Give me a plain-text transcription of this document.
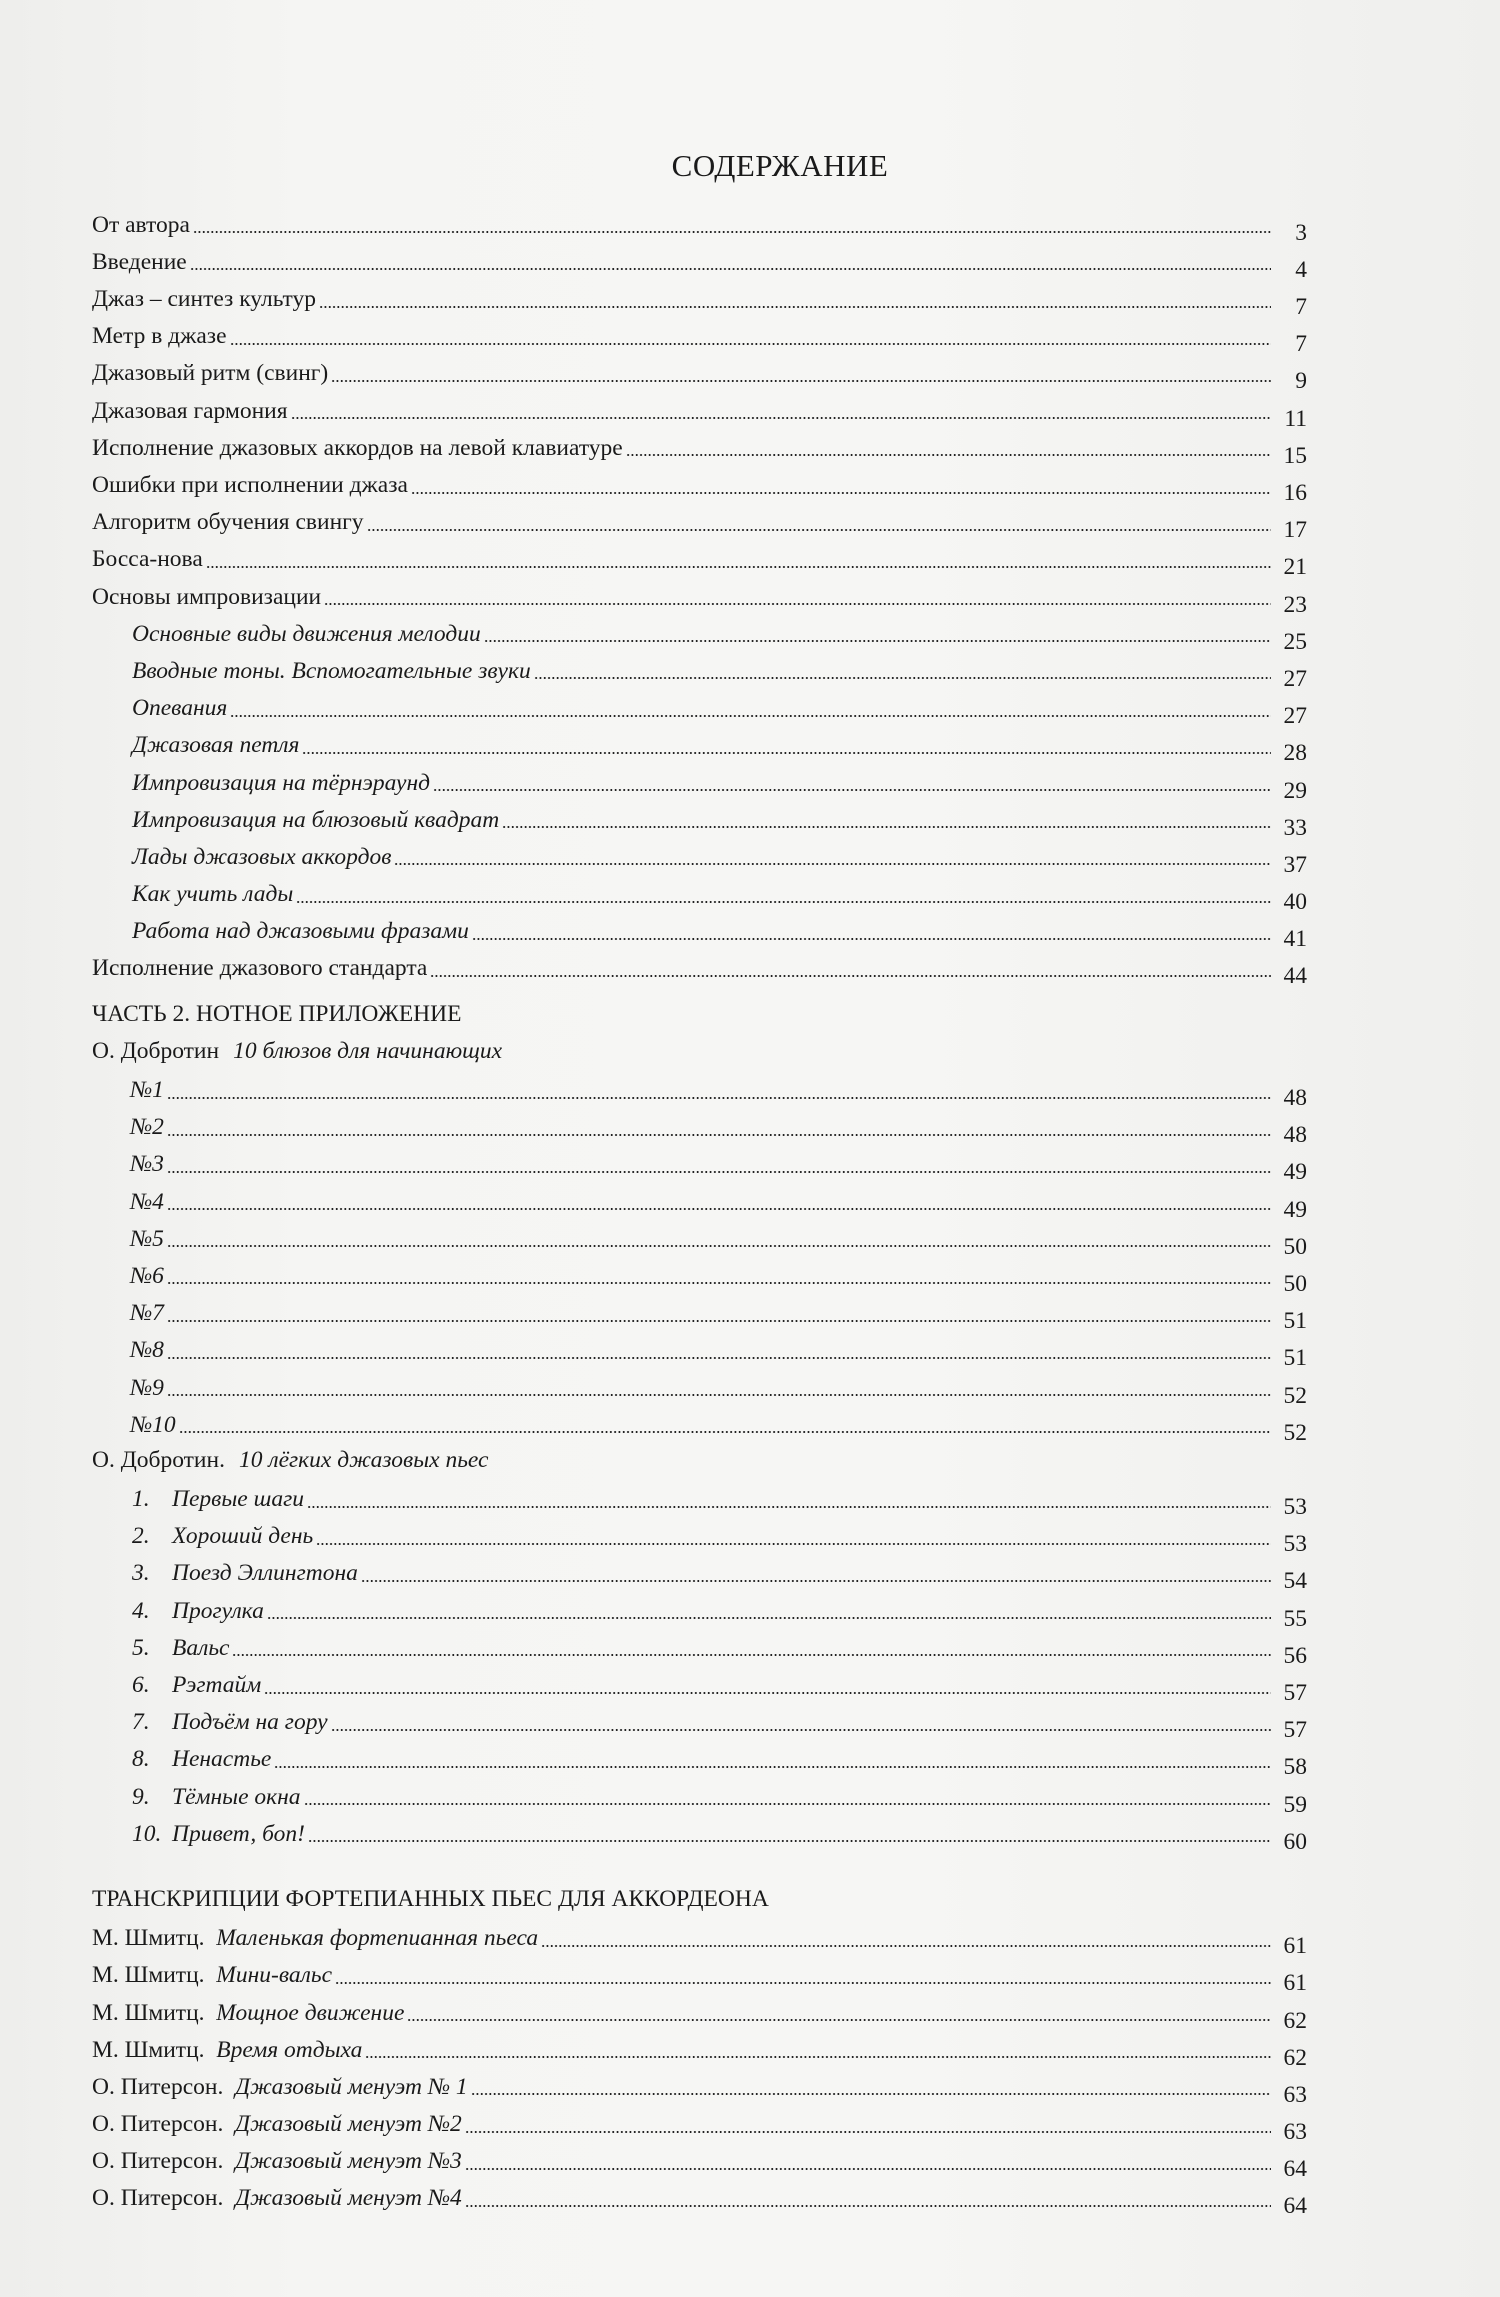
СОДЕРЖАНИЕ
От автора	3
Введение	4
Джаз – синтез культур	7
Метр в джазе	7
Джазовый ритм (свинг)	9
Джазовая гармония	11
Исполнение джазовых аккордов на левой клавиатуре	15
Ошибки при исполнении джаза	16
Алгоритм обучения свингу	17
Босса-нова	21
Основы импровизации	23
Основные виды движения мелодии	25
Вводные тоны. Вспомогательные звуки	27
Опевания	27
Джазовая петля	28
Импровизация на тёрнэраунд	29
Импровизация на блюзовый квадрат	33
Лады джазовых аккордов	37
Как учить лады	40
Работа над джазовыми фразами	41
Исполнение джазового стандарта	44
ЧАСТЬ 2. НОТНОЕ ПРИЛОЖЕНИЕ
О. Добротин 10 блюзов для начинающих
№1	48
№2	48
№3	49
№4	49
№5	50
№6	50
№7	51
№8	51
№9	52
№10	52
О. Добротин. 10 лёгких джазовых пьес
1. Первые шаги	53
2. Хороший день	53
3. Поезд Эллингтона	54
4. Прогулка	55
5. Вальс	56
6. Рэгтайм	57
7. Подъём на гору	57
8. Ненастье	58
9. Тёмные окна	59
10. Привет, боп!	60
ТРАНСКРИПЦИИ ФОРТЕПИАННЫХ ПЬЕС ДЛЯ АККОРДЕОНА
М. Шмитц. Маленькая фортепианная пьеса	61
М. Шмитц. Мини-вальс	61
М. Шмитц. Мощное движение	62
М. Шмитц. Время отдыха	62
О. Питерсон. Джазовый менуэт № 1	63
О. Питерсон. Джазовый менуэт №2	63
О. Питерсон. Джазовый менуэт №3	64
О. Питерсон. Джазовый менуэт №4	64
